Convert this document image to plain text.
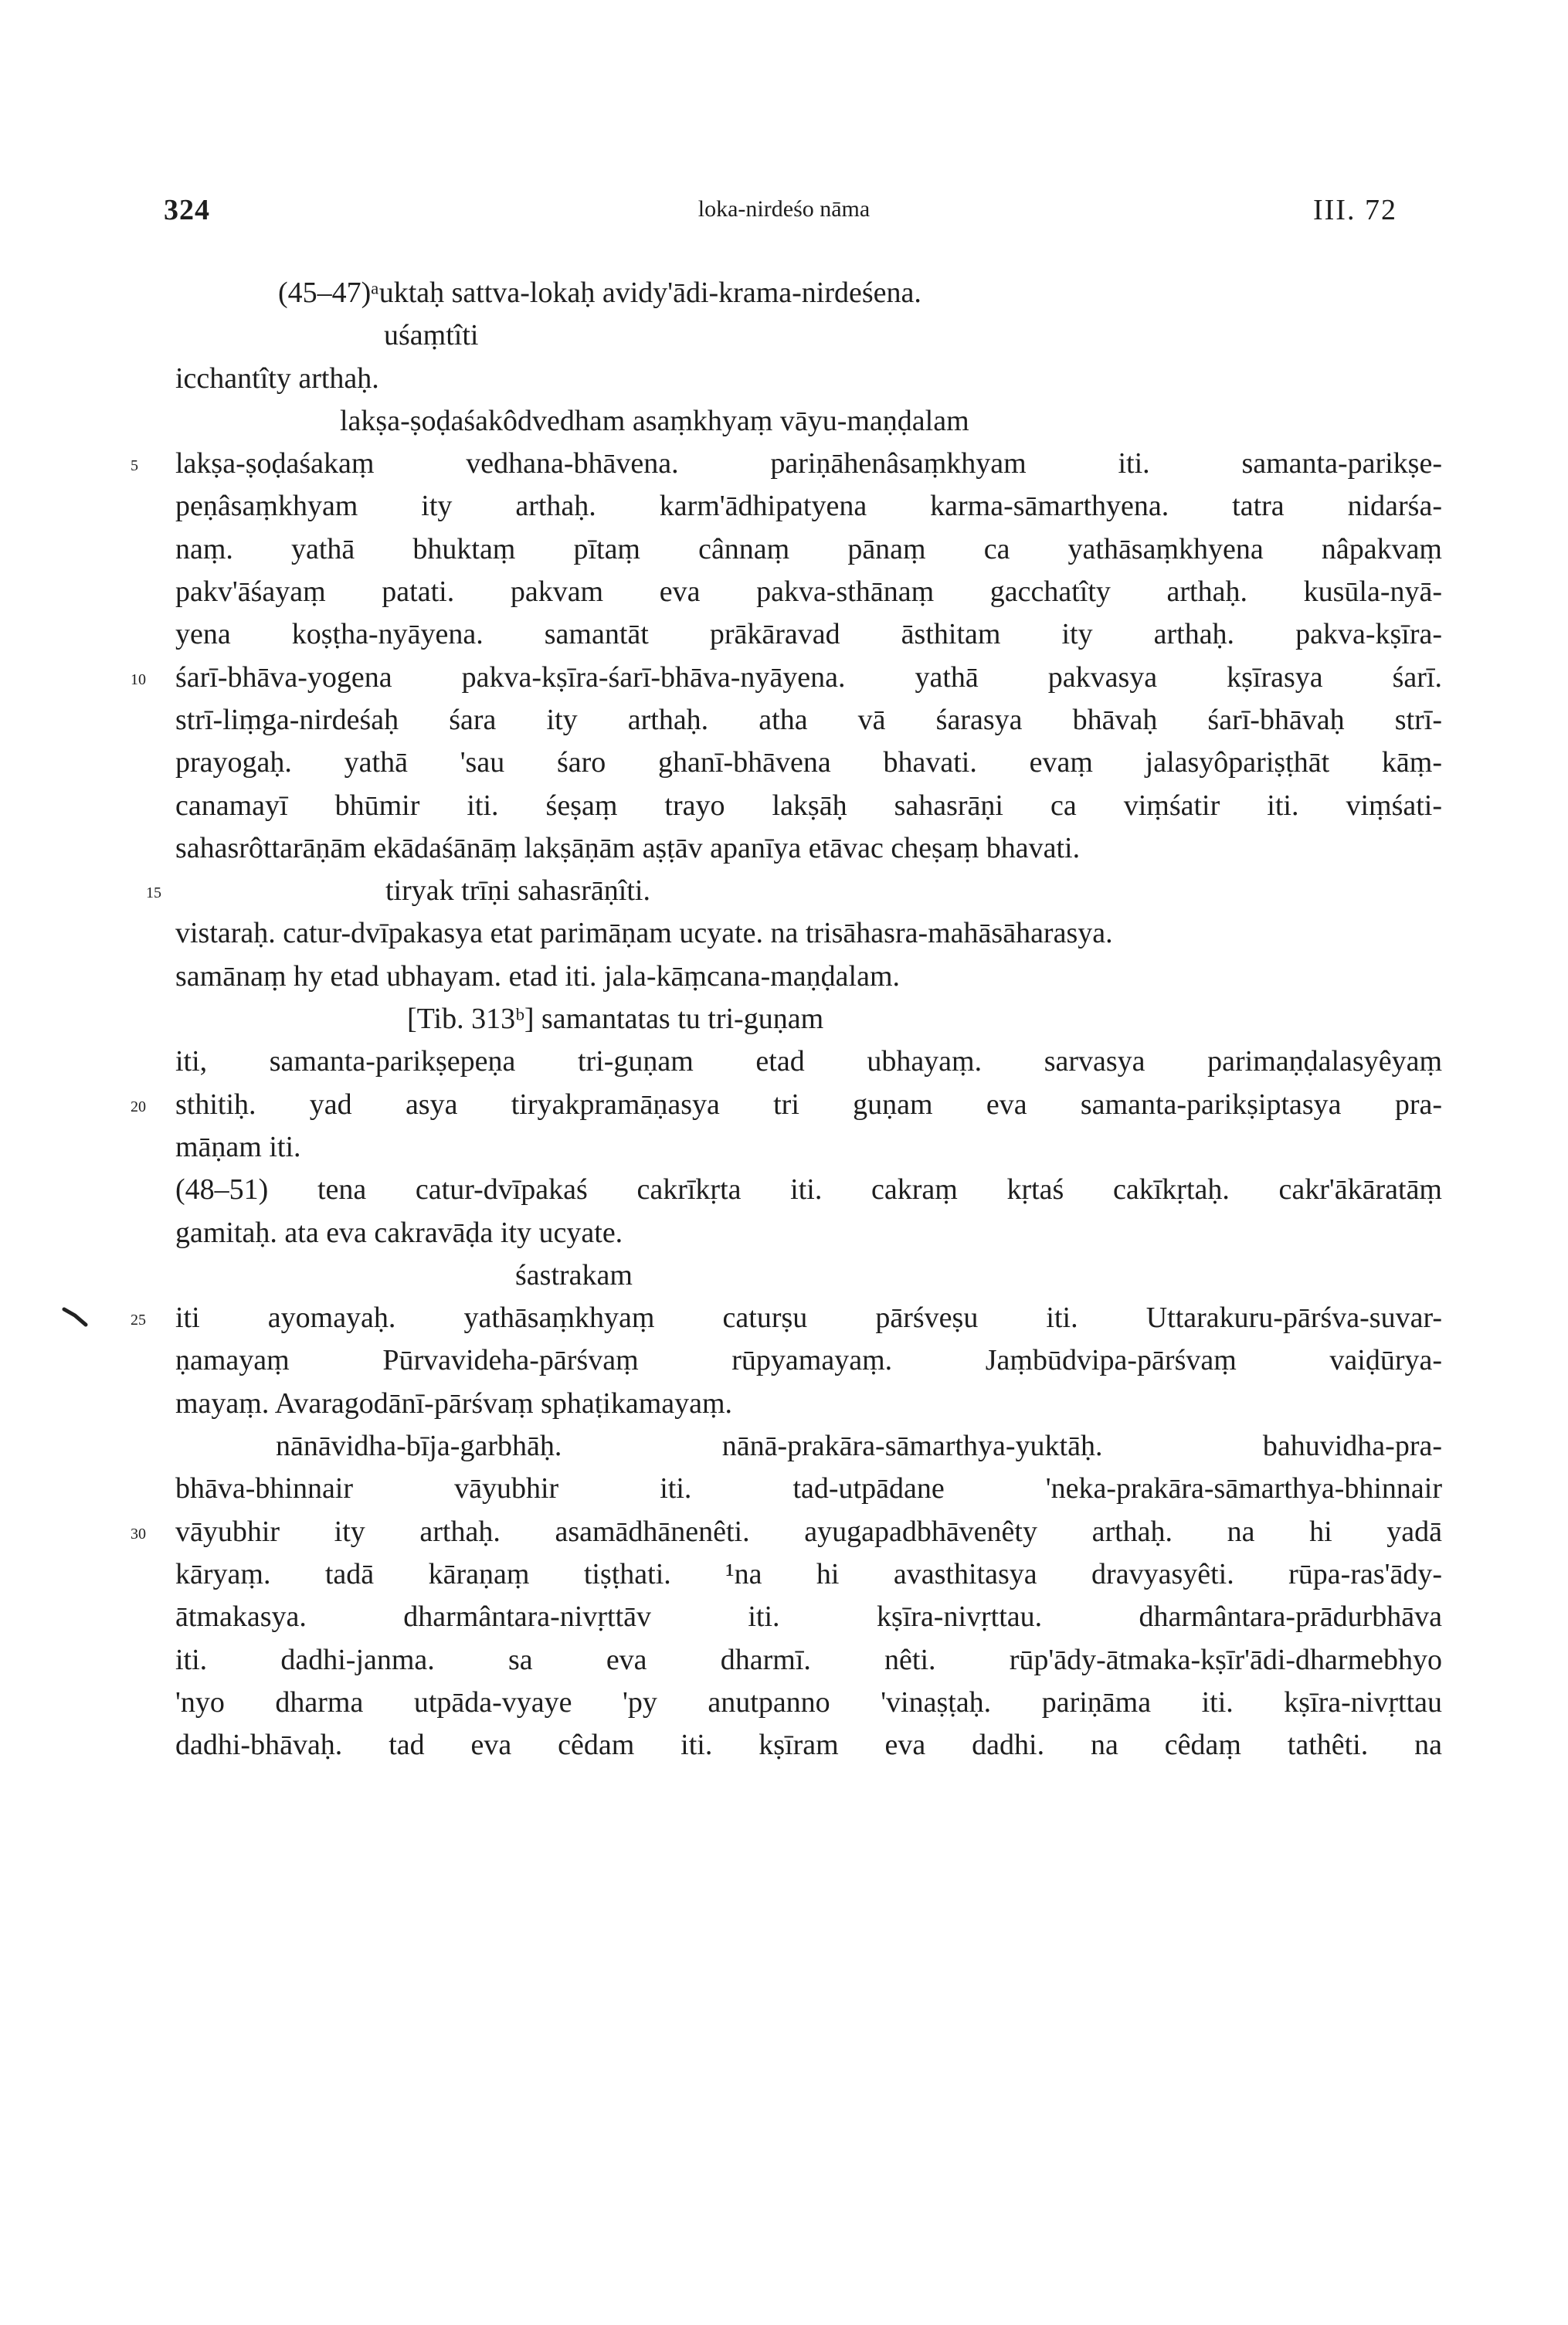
324	loka-nirdeśo nāma	III. 72
(45–47)ᵃuktaḥ sattva-lokaḥ avidy'ādi-krama-nirdeśena.
uśaṃtîti
icchantîty arthaḥ.
lakṣa-ṣoḍaśakôdvedham asaṃkhyaṃ vāyu-maṇḍalam
5	lakṣa-ṣoḍaśakaṃ vedhana-bhāvena. pariṇāhenâsaṃkhyam iti. samanta-parikṣe-
peṇâsaṃkhyam ity arthaḥ. karm'ādhipatyena karma-sāmarthyena. tatra nidarśa-
naṃ. yathā bhuktaṃ pītaṃ cânnaṃ pānaṃ ca yathāsaṃkhyena nâpakvaṃ
pakv'āśayaṃ patati. pakvam eva pakva-sthānaṃ gacchatîty arthaḥ. kusūla-nyā-
yena koṣṭha-nyāyena. samantāt prākāravad āsthitam ity arthaḥ. pakva-kṣīra-
10	śarī-bhāva-yogena pakva-kṣīra-śarī-bhāva-nyāyena. yathā pakvasya kṣīrasya śarī.
strī-liṃga-nirdeśaḥ śara ity arthaḥ. atha vā śarasya bhāvaḥ śarī-bhāvaḥ strī-
prayogaḥ. yathā 'sau śaro ghanī-bhāvena bhavati. evaṃ jalasyôpariṣṭhāt kāṃ-
canamayī bhūmir iti. śeṣaṃ trayo lakṣāḥ sahasrāṇi ca viṃśatir iti. viṃśati-
sahasrôttarāṇām ekādaśānāṃ lakṣāṇām aṣṭāv apanīya etāvac cheṣaṃ bhavati.
15	tiryak trīṇi sahasrāṇîti.
vistaraḥ. catur-dvīpakasya etat parimāṇam ucyate. na trisāhasra-mahāsāharasya.
samānaṃ hy etad ubhayam. etad iti. jala-kāṃcana-maṇḍalam.
[Tib. 313ᵇ] samantatas tu tri-guṇam
iti, samanta-parikṣepeṇa tri-guṇam etad ubhayaṃ. sarvasya parimaṇḍalasyêyaṃ
20	sthitiḥ. yad asya tiryakpramāṇasya tri guṇam eva samanta-parikṣiptasya pra-
māṇam iti.
(48–51) tena catur-dvīpakaś cakrīkṛta iti. cakraṃ kṛtaś cakīkṛtaḥ. cakr'ākāratāṃ
gamitaḥ. ata eva cakravāḍa ity ucyate.
śastrakam
25	iti ayomayaḥ. yathāsaṃkhyaṃ caturṣu pārśveṣu iti. Uttarakuru-pārśva-suvar-
ṇamayaṃ Pūrvavideha-pārśvaṃ rūpyamayaṃ. Jaṃbūdvipa-pārśvaṃ vaiḍūrya-
mayaṃ. Avaragodānī-pārśvaṃ sphaṭikamayaṃ.
nānāvidha-bīja-garbhāḥ. nānā-prakāra-sāmarthya-yuktāḥ. bahuvidha-pra-
bhāva-bhinnair vāyubhir iti. tad-utpādane 'neka-prakāra-sāmarthya-bhinnair
30	vāyubhir ity arthaḥ. asamādhānenêti. ayugapadbhāvenêty arthaḥ. na hi yadā
kāryaṃ. tadā kāraṇaṃ tiṣṭhati. ¹na hi avasthitasya dravyasyêti. rūpa-ras'ādy-
ātmakasya. dharmântara-nivṛttāv iti. kṣīra-nivṛttau. dharmântara-prādurbhāva
iti. dadhi-janma. sa eva dharmī. nêti. rūp'ādy-ātmaka-kṣīr'ādi-dharmebhyo
'nyo dharma utpāda-vyaye 'py anutpanno 'vinaṣṭaḥ. pariṇāma iti. kṣīra-nivṛttau
dadhi-bhāvaḥ. tad eva cêdam iti. kṣīram eva dadhi. na cêdaṃ tathêti. na
